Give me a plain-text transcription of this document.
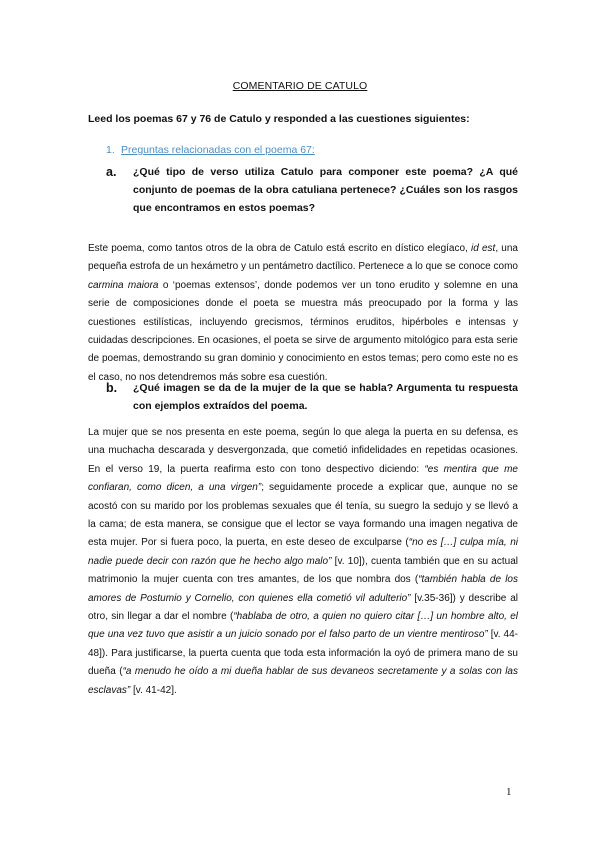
COMENTARIO DE CATULO
Leed los poemas 67 y 76 de Catulo y responded a las cuestiones siguientes:
1. Preguntas relacionadas con el poema 67:
a. ¿Qué tipo de verso utiliza Catulo para componer este poema? ¿A qué conjunto de poemas de la obra catuliana pertenece? ¿Cuáles son los rasgos que encontramos en estos poemas?
Este poema, como tantos otros de la obra de Catulo está escrito en dístico elegíaco, id est, una pequeña estrofa de un hexámetro y un pentámetro dactílico. Pertenece a lo que se conoce como carmina maiora o ‘poemas extensos’, donde podemos ver un tono erudito y solemne en una serie de composiciones donde el poeta se muestra más preocupado por la forma y las cuestiones estilísticas, incluyendo grecismos, términos eruditos, hipérboles e intensas y cuidadas descripciones. En ocasiones, el poeta se sirve de argumento mitológico para esta serie de poemas, demostrando su gran dominio y conocimiento en estos temas; pero como este no es el caso, no nos detendremos más sobre esa cuestión.
b. ¿Qué imagen se da de la mujer de la que se habla? Argumenta tu respuesta con ejemplos extraídos del poema.
La mujer que se nos presenta en este poema, según lo que alega la puerta en su defensa, es una muchacha descarada y desvergonzada, que cometió infidelidades en repetidas ocasiones. En el verso 19, la puerta reafirma esto con tono despectivo diciendo: “es mentira que me confiaran, como dicen, a una virgen”; seguidamente procede a explicar que, aunque no se acostó con su marido por los problemas sexuales que él tenía, su suegro la sedujo y se llevó a la cama; de esta manera, se consigue que el lector se vaya formando una imagen negativa de esta mujer. Por si fuera poco, la puerta, en este deseo de exculparse (“no es […] culpa mía, ni nadie puede decir con razón que he hecho algo malo” [v. 10]), cuenta también que en su actual matrimonio la mujer cuenta con tres amantes, de los que nombra dos (“también habla de los amores de Postumio y Cornelio, con quienes ella cometió vil adulterio” [v.35-36]) y describe al otro, sin llegar a dar el nombre (“hablaba de otro, a quien no quiero citar […] un hombre alto, el que una vez tuvo que asistir a un juicio sonado por el falso parto de un vientre mentiroso” [v. 44-48]). Para justificarse, la puerta cuenta que toda esta información la oyó de primera mano de su dueña (“a menudo he oído a mi dueña hablar de sus devaneos secretamente y a solas con las esclavas” [v. 41-42].
1
